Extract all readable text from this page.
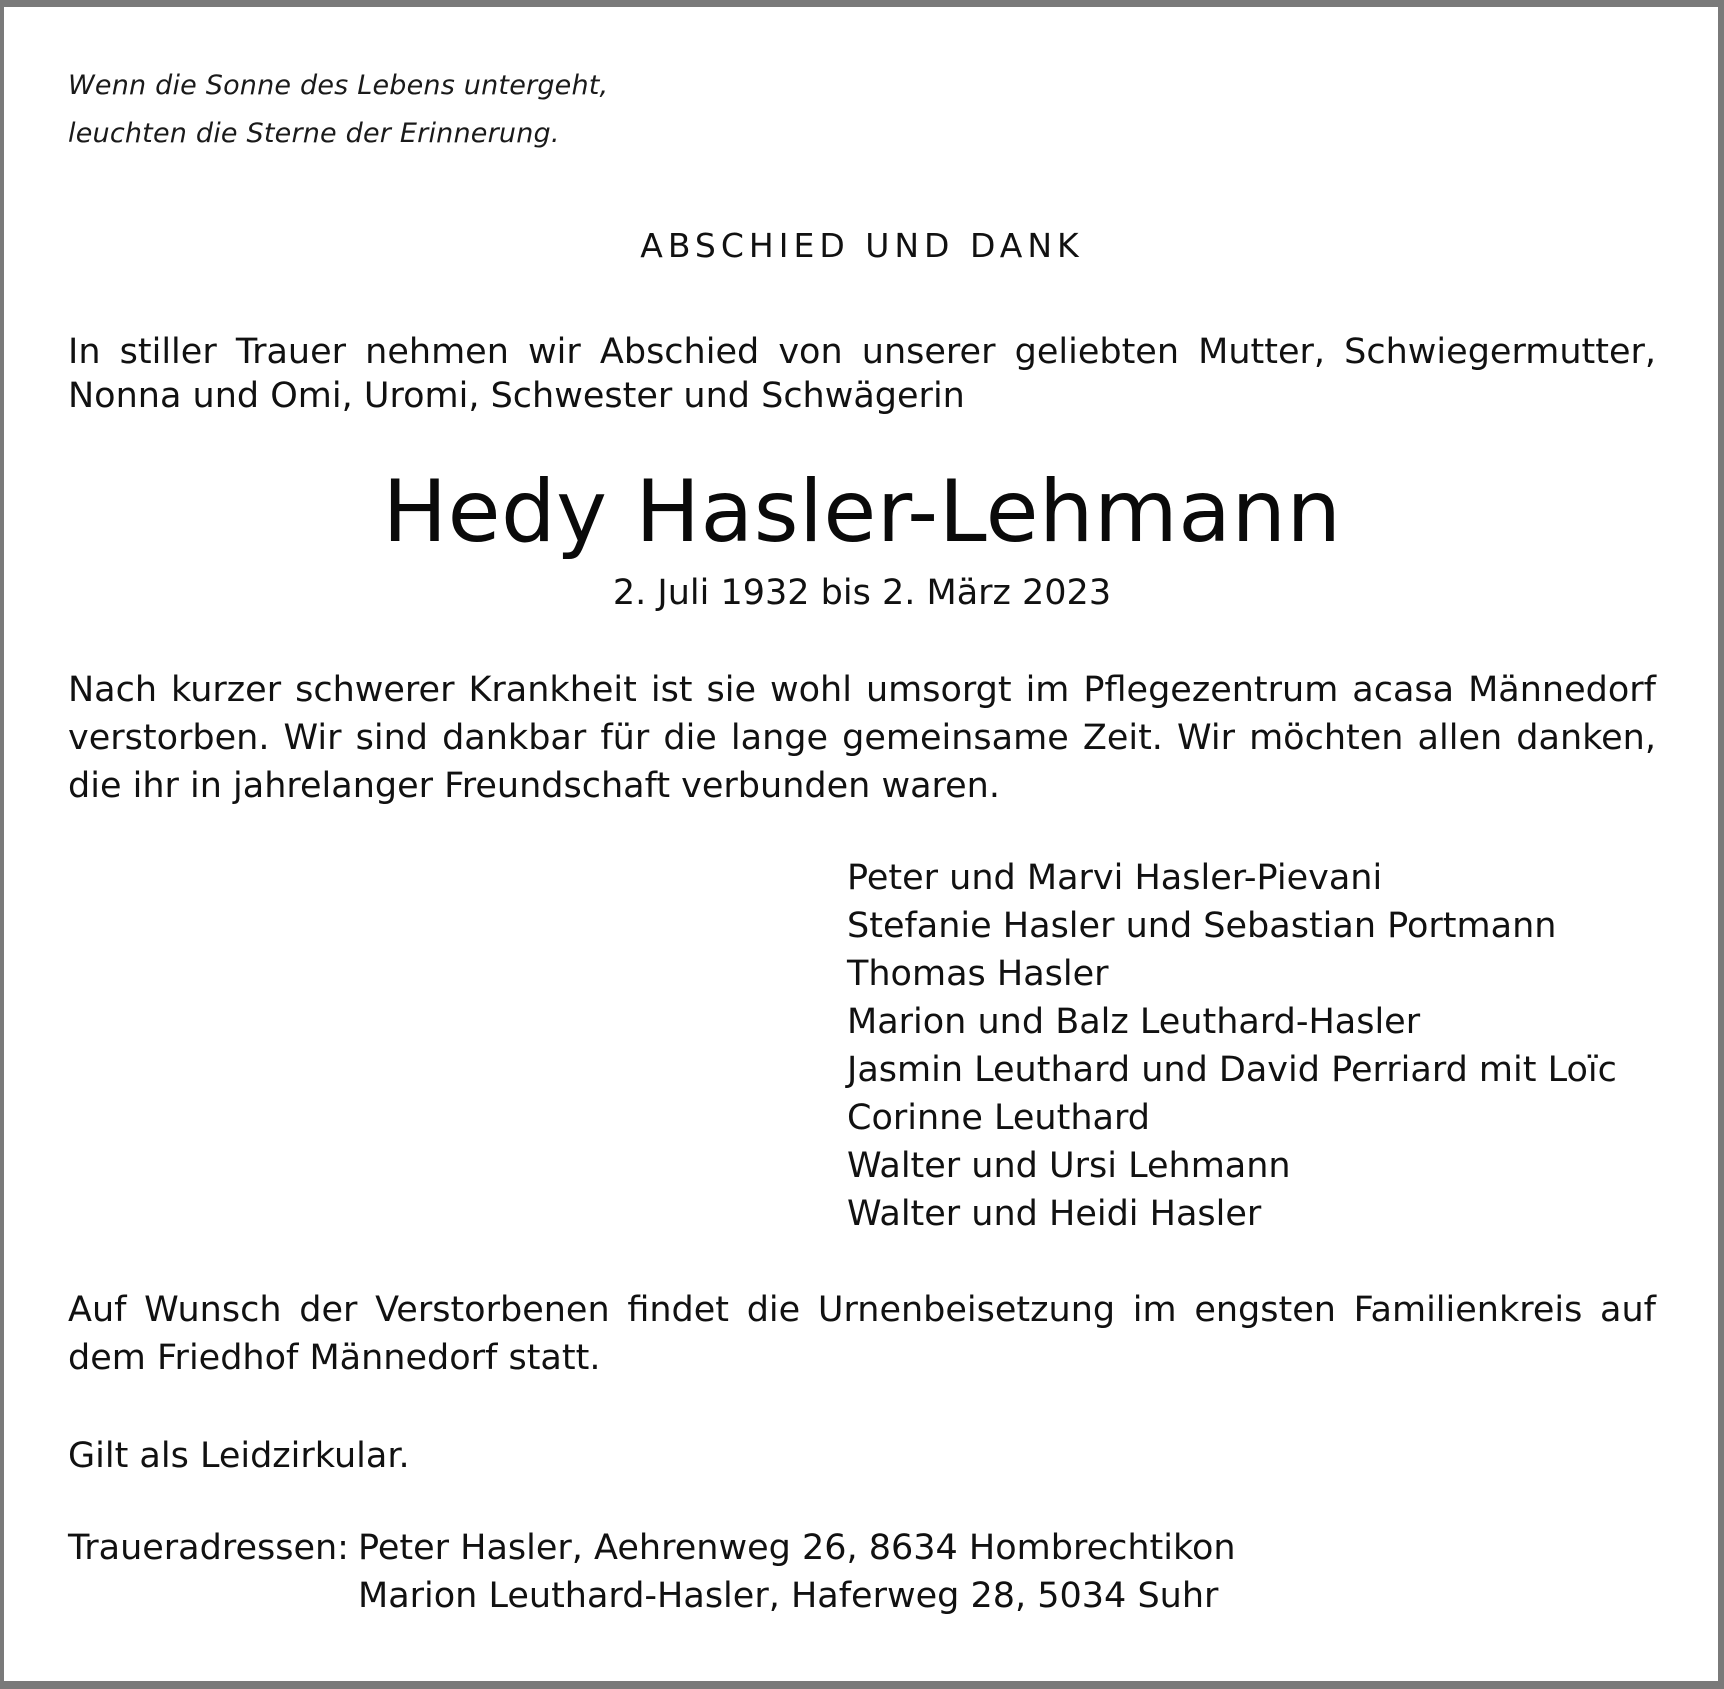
Wenn die Sonne des Lebens untergeht,
leuchten die Sterne der Erinnerung.
ABSCHIED UND DANK
In stiller Trauer nehmen wir Abschied von unserer geliebten Mutter, Schwiegermutter,
Nonna und Omi, Uromi, Schwester und Schwägerin
Hedy Hasler-Lehmann
2. Juli 1932 bis 2. März 2023
Nach kurzer schwerer Krankheit ist sie wohl umsorgt im Pflegezentrum acasa Männedorf
verstorben. Wir sind dankbar für die lange gemeinsame Zeit. Wir möchten allen danken,
die ihr in jahrelanger Freundschaft verbunden waren.
Peter und Marvi Hasler-Pievani
Stefanie Hasler und Sebastian Portmann
Thomas Hasler
Marion und Balz Leuthard-Hasler
Jasmin Leuthard und David Perriard mit Loïc
Corinne Leuthard
Walter und Ursi Lehmann
Walter und Heidi Hasler
Auf Wunsch der Verstorbenen findet die Urnenbeisetzung im engsten Familienkreis auf
dem Friedhof Männedorf statt.
Gilt als Leidzirkular.
Traueradressen: Peter Hasler, Aehrenweg 26, 8634 Hombrechtikon
Marion Leuthard-Hasler, Haferweg 28, 5034 Suhr
